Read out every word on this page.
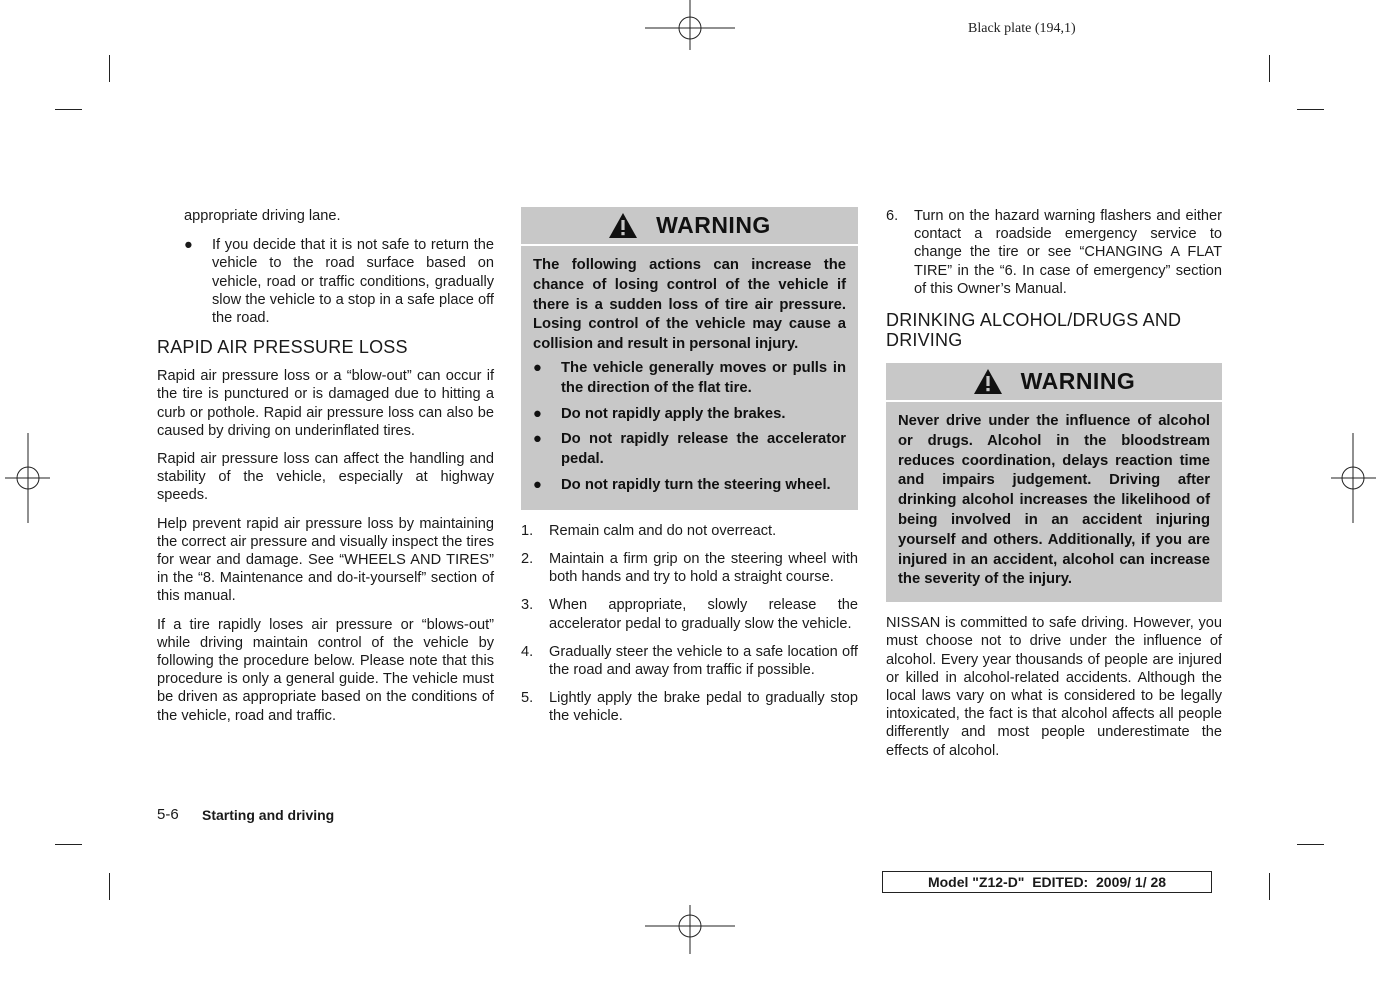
Black plate (194,1)

appropriate driving lane.

● If you decide that it is not safe to return the vehicle to the road surface based on vehicle, road or traffic conditions, gradually slow the vehicle to a stop in a safe place off the road.
RAPID AIR PRESSURE LOSS

Rapid air pressure loss or a “blow-out” can occur if the tire is punctured or is damaged due to hitting a curb or pothole. Rapid air pressure loss can also be caused by driving on underinflated tires.

Rapid air pressure loss can affect the handling and stability of the vehicle, especially at highway speeds.

Help prevent rapid air pressure loss by maintaining the correct air pressure and visually inspect the tires for wear and damage. See “WHEELS AND TIRES” in the “8. Maintenance and do-it-yourself” section of this manual.

If a tire rapidly loses air pressure or “blows-out” while driving maintain control of the vehicle by following the procedure below. Please note that this procedure is only a general guide. The vehicle must be driven as appropriate based on the conditions of the vehicle, road and traffic.

WARNING

The following actions can increase the chance of losing control of the vehicle if there is a sudden loss of tire air pressure. Losing control of the vehicle may cause a collision and result in personal injury.

● The vehicle generally moves or pulls in the direction of the flat tire.
● Do not rapidly apply the brakes.
● Do not rapidly release the accelerator pedal.
● Do not rapidly turn the steering wheel.
1. Remain calm and do not overreact.
2. Maintain a firm grip on the steering wheel with both hands and try to hold a straight course.
3. When appropriate, slowly release the accelerator pedal to gradually slow the vehicle.
4. Gradually steer the vehicle to a safe location off the road and away from traffic if possible.
5. Lightly apply the brake pedal to gradually stop the vehicle.
6. Turn on the hazard warning flashers and either contact a roadside emergency service to change the tire or see “CHANGING A FLAT TIRE” in the “6. In case of emergency” section of this Owner’s Manual.
DRINKING ALCOHOL/DRUGS AND DRIVING
WARNING

Never drive under the influence of alcohol or drugs. Alcohol in the bloodstream reduces coordination, delays reaction time and impairs judgement. Driving after drinking alcohol increases the likelihood of being involved in an accident injuring yourself and others. Additionally, if you are injured in an accident, alcohol can increase the severity of the injury.

NISSAN is committed to safe driving. However, you must choose not to drive under the influence of alcohol. Every year thousands of people are injured or killed in alcohol-related accidents. Although the local laws vary on what is considered to be legally intoxicated, the fact is that alcohol affects all people differently and most people underestimate the effects of alcohol.

5-6 Starting and driving
Model "Z12-D"  EDITED:  2009/ 1/ 28
